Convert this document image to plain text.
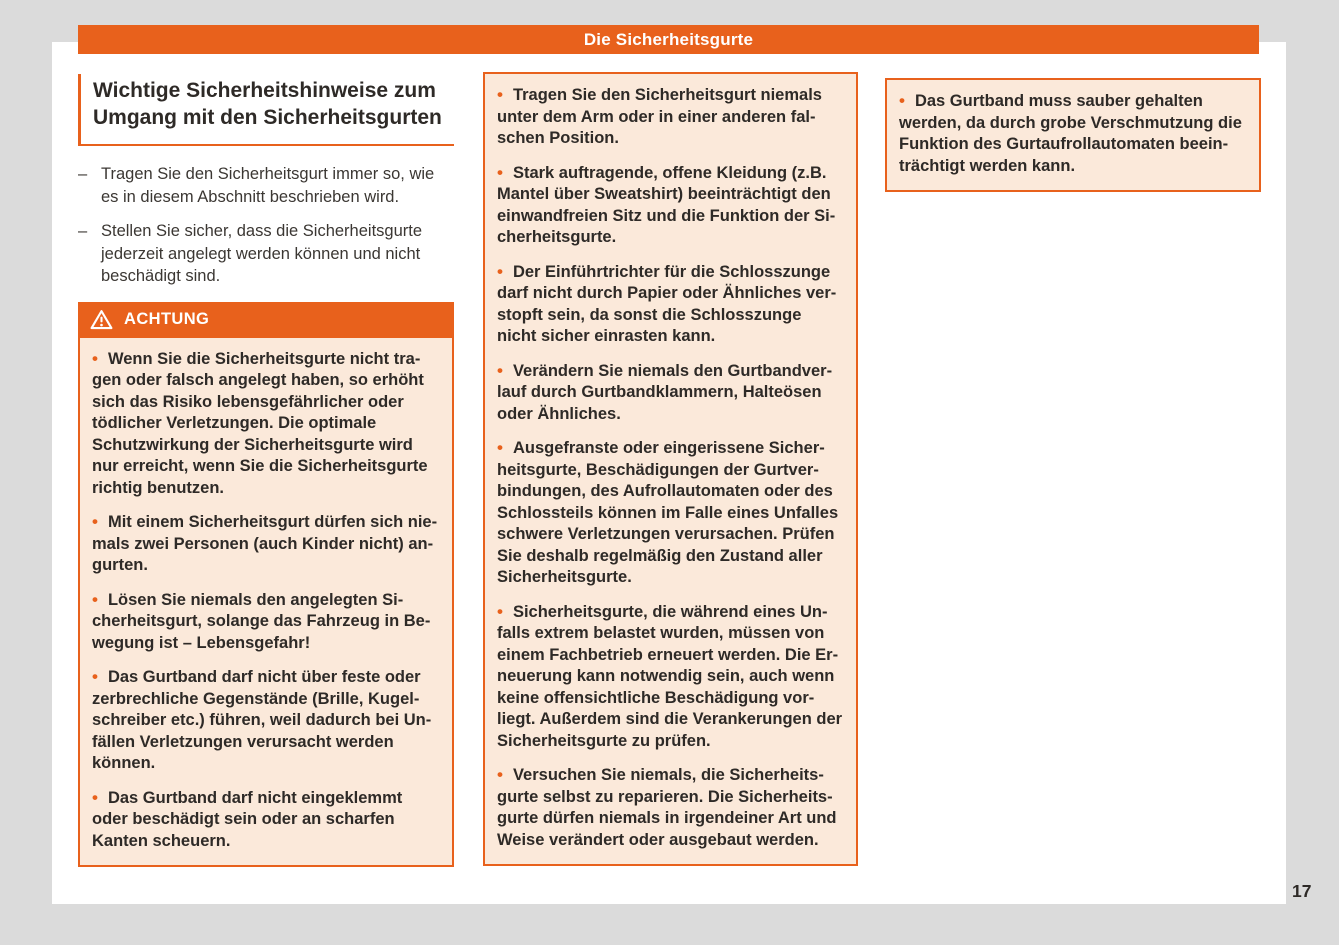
Die Sicherheitsgurte
Wichtige Sicherheitshinweise zum Umgang mit den Sicherheitsgurten
– Tragen Sie den Sicherheitsgurt immer so, wie es in diesem Abschnitt beschrieben wird.
– Stellen Sie sicher, dass die Sicherheitsgurte jederzeit angelegt werden können und nicht beschädigt sind.
ACHTUNG

• Wenn Sie die Sicherheitsgurte nicht tragen oder falsch angelegt haben, so erhöht sich das Risiko lebensgefährlicher oder tödlicher Verletzungen. Die optimale Schutzwirkung der Sicherheitsgurte wird nur erreicht, wenn Sie die Sicherheitsgurte richtig benutzen.

• Mit einem Sicherheitsgurt dürfen sich niemals zwei Personen (auch Kinder nicht) angurten.

• Lösen Sie niemals den angelegten Sicherheitsgurt, solange das Fahrzeug in Bewegung ist – Lebensgefahr!

• Das Gurtband darf nicht über feste oder zerbrechliche Gegenstände (Brille, Kugelschreiber etc.) führen, weil dadurch bei Unfällen Verletzungen verursacht werden können.

• Das Gurtband darf nicht eingeklemmt oder beschädigt sein oder an scharfen Kanten scheuern.

• Tragen Sie den Sicherheitsgurt niemals unter dem Arm oder in einer anderen falschen Position.

• Stark auftragende, offene Kleidung (z.B. Mantel über Sweatshirt) beeinträchtigt den einwandfreien Sitz und die Funktion der Sicherheitsgurte.

• Der Einführtrichter für die Schlosszunge darf nicht durch Papier oder Ähnliches verstopft sein, da sonst die Schlosszunge nicht sicher einrasten kann.

• Verändern Sie niemals den Gurtbandverlauf durch Gurtbandklammern, Halteösen oder Ähnliches.

• Ausgefranste oder eingerissene Sicherheitsgurte, Beschädigungen der Gurtverbindungen, des Aufrollautomaten oder des Schlossteils können im Falle eines Unfalles schwere Verletzungen verursachen. Prüfen Sie deshalb regelmäßig den Zustand aller Sicherheitsgurte.

• Sicherheitsgurte, die während eines Unfalls extrem belastet wurden, müssen von einem Fachbetrieb erneuert werden. Die Erneuerung kann notwendig sein, auch wenn keine offensichtliche Beschädigung vorliegt. Außerdem sind die Verankerungen der Sicherheitsgurte zu prüfen.

• Versuchen Sie niemals, die Sicherheitsgurte selbst zu reparieren. Die Sicherheitsgurte dürfen niemals in irgendeiner Art und Weise verändert oder ausgebaut werden.

• Das Gurtband muss sauber gehalten werden, da durch grobe Verschmutzung die Funktion des Gurtaufrollautomaten beeinträchtigt werden kann.

17
